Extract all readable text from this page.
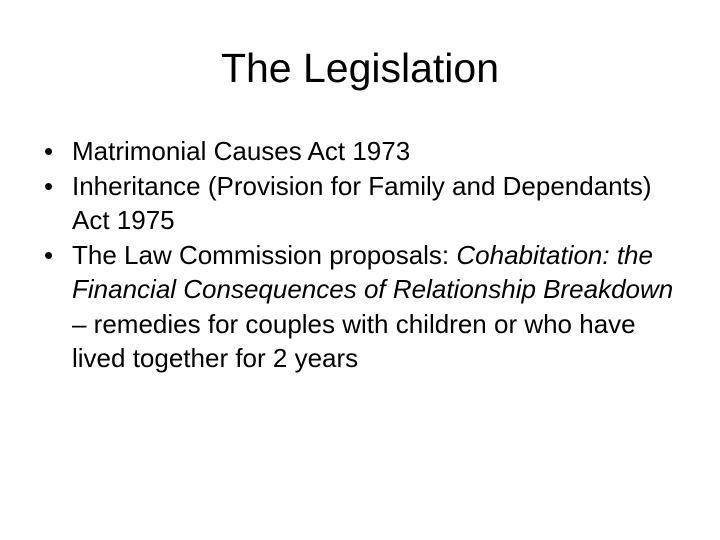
The Legislation
• Matrimonial Causes Act 1973
• Inheritance (Provision for Family and Dependants) Act 1975
• The Law Commission proposals: Cohabitation: the Financial Consequences of Relationship Breakdown – remedies for couples with children or who have lived together for 2 years
